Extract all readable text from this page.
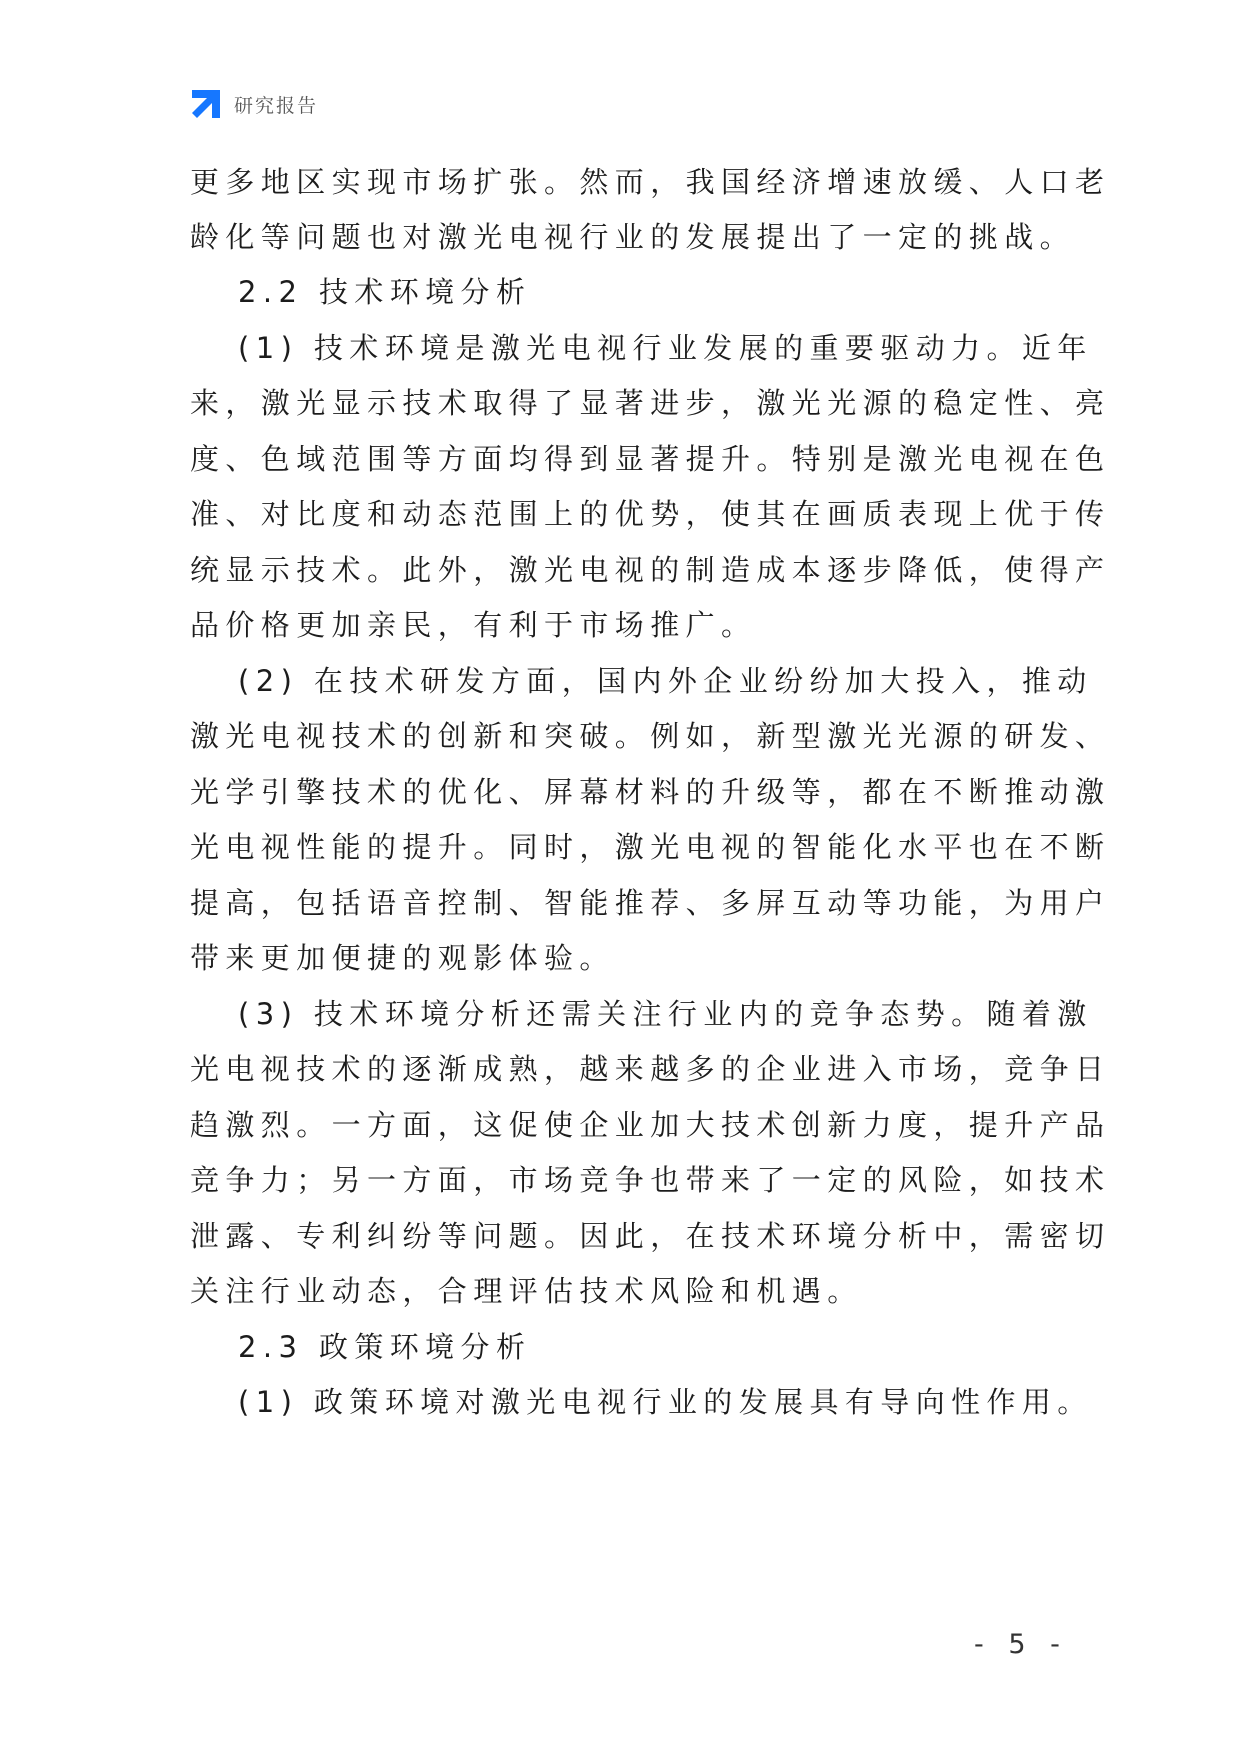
研究报告
更多地区实现市场扩张。然而，我国经济增速放缓、人口老
龄化等问题也对激光电视行业的发展提出了一定的挑战。
2.2 技术环境分析
(1) 技术环境是激光电视行业发展的重要驱动力。近年
来，激光显示技术取得了显著进步，激光光源的稳定性、亮
度、色域范围等方面均得到显著提升。特别是激光电视在色
准、对比度和动态范围上的优势，使其在画质表现上优于传
统显示技术。此外，激光电视的制造成本逐步降低，使得产
品价格更加亲民，有利于市场推广。
(2) 在技术研发方面，国内外企业纷纷加大投入，推动
激光电视技术的创新和突破。例如，新型激光光源的研发、
光学引擎技术的优化、屏幕材料的升级等，都在不断推动激
光电视性能的提升。同时，激光电视的智能化水平也在不断
提高，包括语音控制、智能推荐、多屏互动等功能，为用户
带来更加便捷的观影体验。
(3) 技术环境分析还需关注行业内的竞争态势。随着激
光电视技术的逐渐成熟，越来越多的企业进入市场，竞争日
趋激烈。一方面，这促使企业加大技术创新力度，提升产品
竞争力；另一方面，市场竞争也带来了一定的风险，如技术
泄露、专利纠纷等问题。因此，在技术环境分析中，需密切
关注行业动态，合理评估技术风险和机遇。
2.3 政策环境分析
(1) 政策环境对激光电视行业的发展具有导向性作用。
- 5 -
